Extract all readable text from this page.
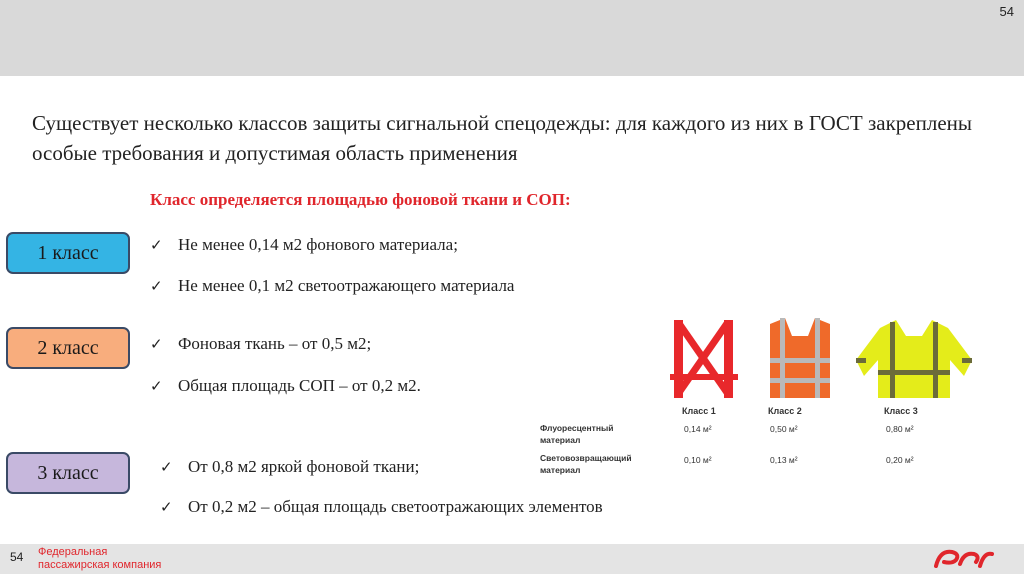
54
Существует несколько классов защиты сигнальной спецодежды: для каждого из них в ГОСТ закреплены особые требования и допустимая область применения
Класс определяется площадью фоновой ткани и СОП:
1 класс
2 класс
3 класс
✓ Не менее 0,14 м2 фонового материала;
✓ Не менее 0,1 м2 светоотражающего материала
✓ Фоновая ткань – от 0,5 м2;
✓ Общая площадь СОП – от 0,2 м2.
✓ От 0,8 м2 яркой фоновой ткани;
✓ От 0,2 м2 – общая площадь светоотражающих элементов
Класс 1	Класс 2	Класс 3
Флуоресцентный
материал
0,14 м²	0,50 м²	0,80 м²
Световозвращающий
материал
0,10 м²	0,13 м²	0,20 м²
54 Федеральная
пассажирская компания
